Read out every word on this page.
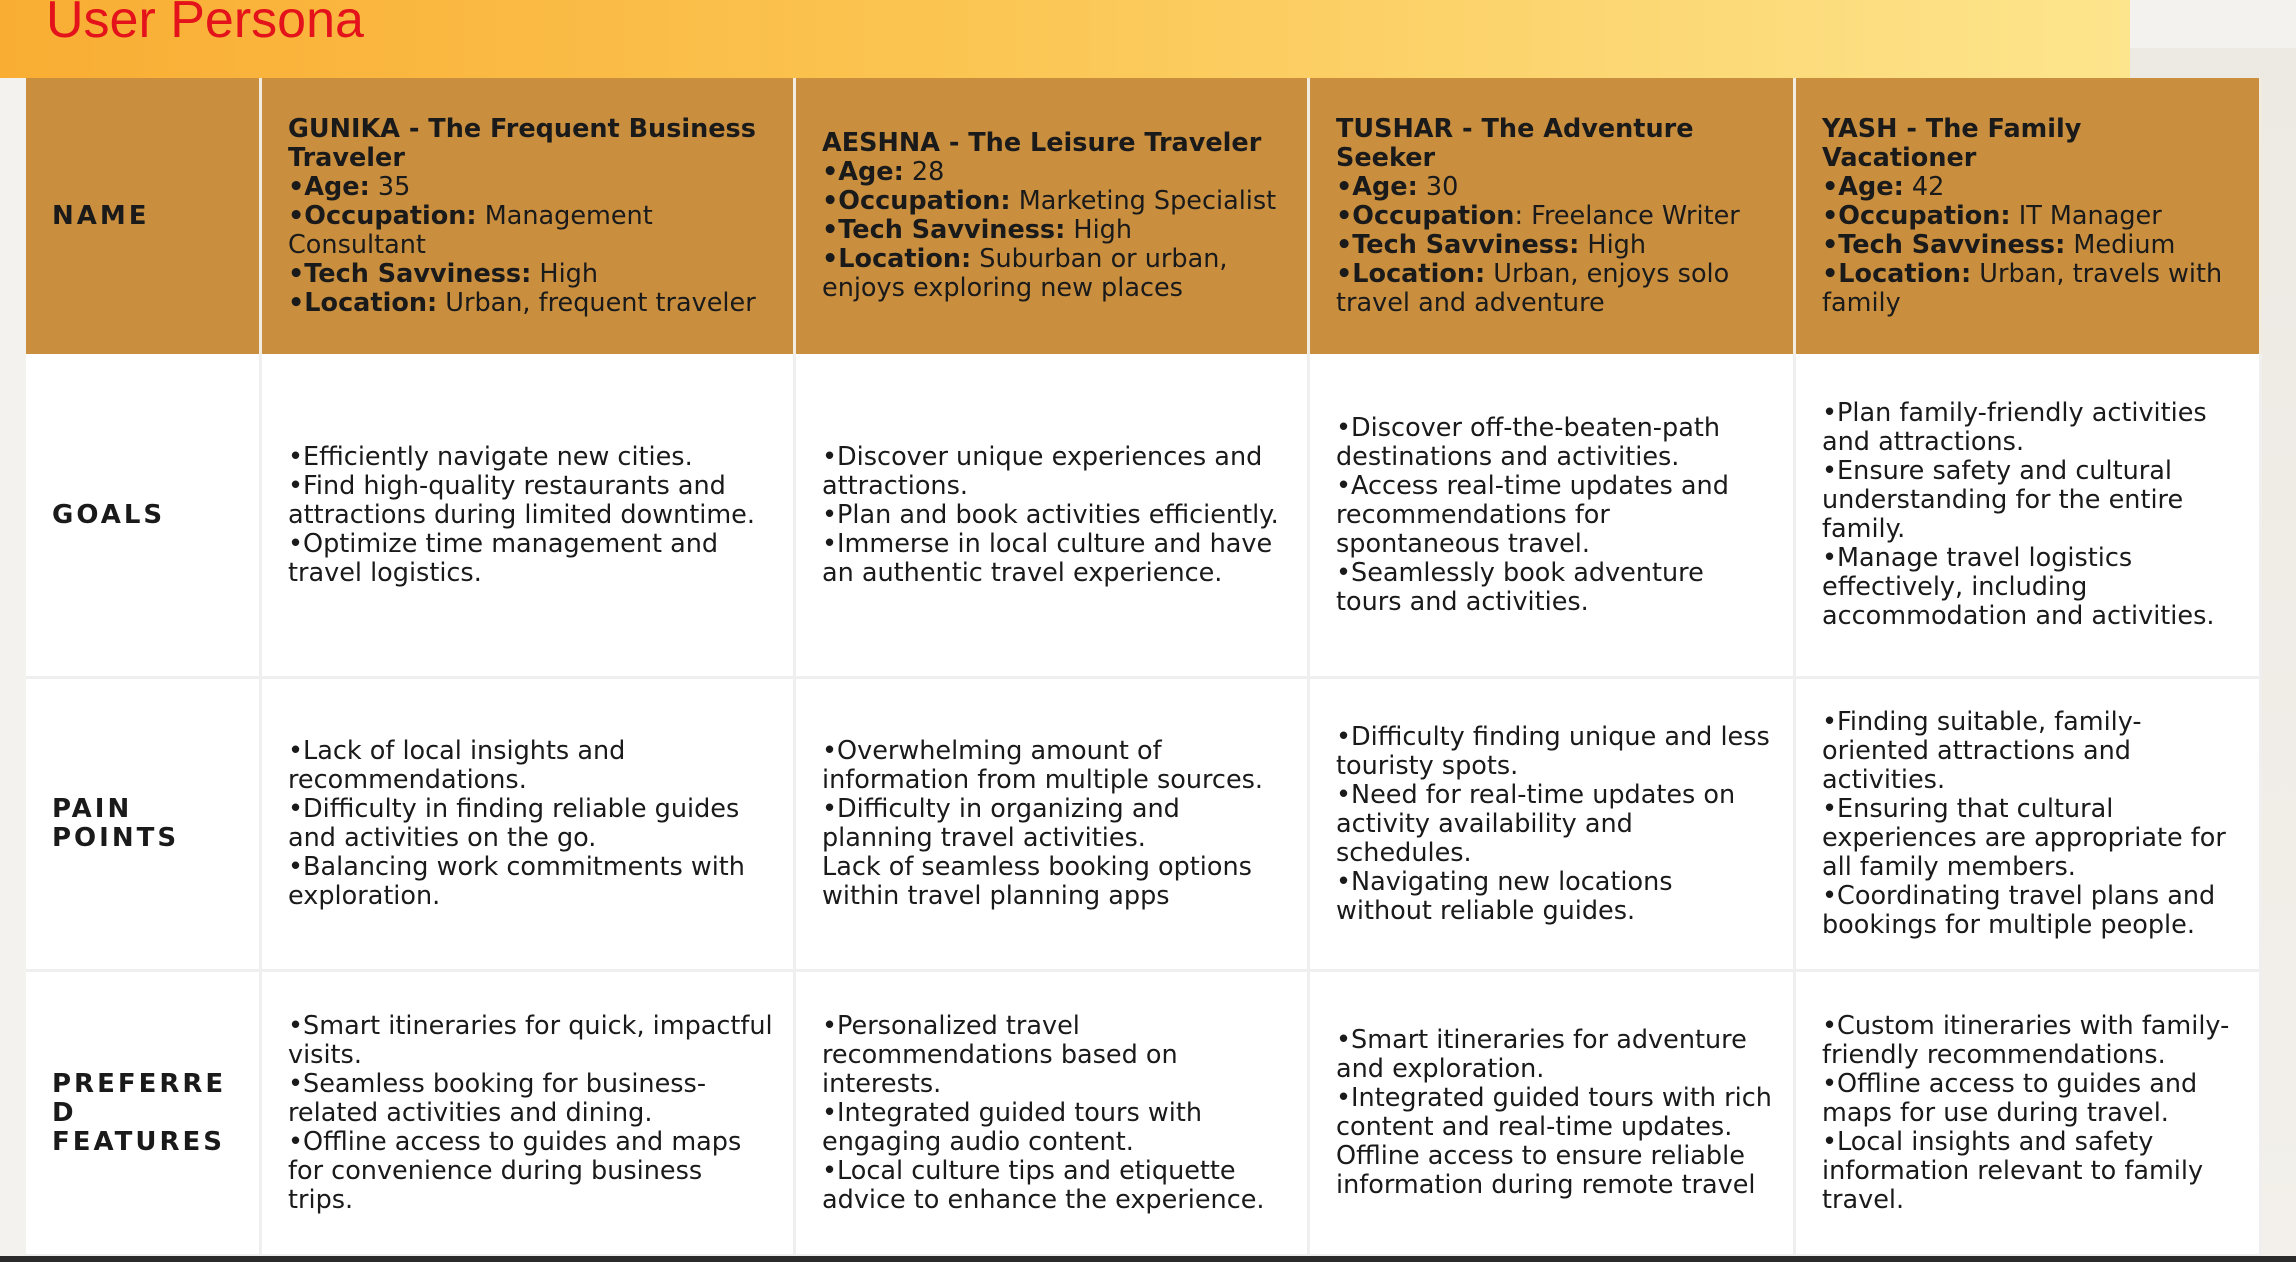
User Persona
NAME	GUNIKA - The Frequent Business Traveler
•Age: 35
•Occupation: Management Consultant
•Tech Savviness: High
•Location: Urban, frequent traveler	AESHNA - The Leisure Traveler
•Age: 28
•Occupation: Marketing Specialist
•Tech Savviness: High
•Location: Suburban or urban, enjoys exploring new places	TUSHAR - The Adventure Seeker
•Age: 30
•Occupation: Freelance Writer
•Tech Savviness: High
•Location: Urban, enjoys solo travel and adventure	YASH - The Family Vacationer
•Age: 42
•Occupation: IT Manager
•Tech Savviness: Medium
•Location: Urban, travels with family

GOALS	•Efficiently navigate new cities.
•Find high-quality restaurants and attractions during limited downtime.
•Optimize time management and travel logistics.	•Discover unique experiences and attractions.
•Plan and book activities efficiently.
•Immerse in local culture and have an authentic travel experience.	•Discover off-the-beaten-path destinations and activities.
•Access real-time updates and recommendations for spontaneous travel.
•Seamlessly book adventure tours and activities.	•Plan family-friendly activities and attractions.
•Ensure safety and cultural understanding for the entire family.
•Manage travel logistics effectively, including accommodation and activities.

PAIN
POINTS	•Lack of local insights and recommendations.
•Difficulty in finding reliable guides and activities on the go.
•Balancing work commitments with exploration.	•Overwhelming amount of information from multiple sources.
•Difficulty in organizing and planning travel activities.
Lack of seamless booking options within travel planning apps	•Difficulty finding unique and less touristy spots.
•Need for real-time updates on activity availability and schedules.
•Navigating new locations without reliable guides.	•Finding suitable, family-oriented attractions and activities.
•Ensuring that cultural experiences are appropriate for all family members.
•Coordinating travel plans and bookings for multiple people.

PREFERRED
FEATURES	•Smart itineraries for quick, impactful visits.
•Seamless booking for business-related activities and dining.
•Offline access to guides and maps for convenience during business trips.	•Personalized travel recommendations based on interests.
•Integrated guided tours with engaging audio content.
•Local culture tips and etiquette advice to enhance the experience.	•Smart itineraries for adventure and exploration.
•Integrated guided tours with rich content and real-time updates.
Offline access to ensure reliable information during remote travel	•Custom itineraries with family-friendly recommendations.
•Offline access to guides and maps for use during travel.
•Local insights and safety information relevant to family travel.
